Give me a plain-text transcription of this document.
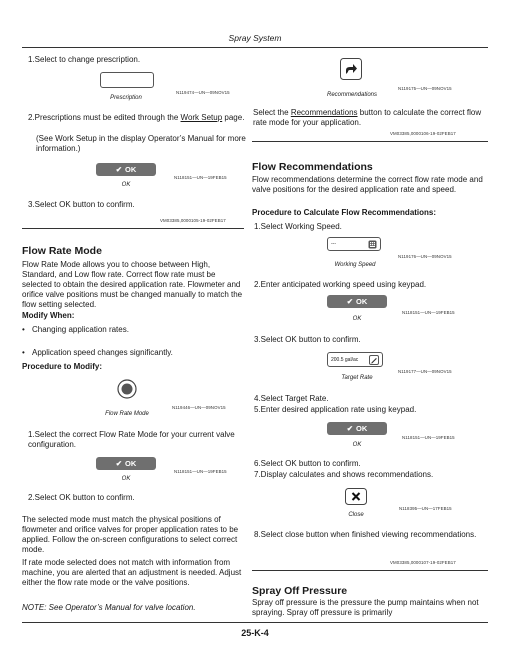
Spray System
1.Select to change prescription.
N119474—UN—09NOV15
Prescription
2.Prescriptions must be edited through the Work Setup page.
(See Work Setup in the display Operator’s Manual for more information.)
✔ OK
N118151—UN—19FEB15
OK
3.Select OK button to confirm.
VM03385,0000105-19-02FEB17
Flow Rate Mode
Flow Rate Mode allows you to choose between High, Standard, and Low flow rate. Correct flow rate must be selected to obtain the desired application rate. Flowmeter and orifice valve positions must be changed manually to match the flow setting selected.
Modify When:
• Changing application rates.
• Application speed changes significantly.
Procedure to Modify:
N119446—UN—09NOV15
Flow Rate Mode
1.Select the correct Flow Rate Mode for your current valve configuration.
✔ OK
N118151—UN—19FEB15
OK
2.Select OK button to confirm.
The selected mode must match the physical positions of flowmeter and orifice valves for proper application rates to be applied. Follow the on-screen configurations to select correct mode.
If rate mode selected does not match with information from machine, you are alerted that an adjustment is needed. Adjust either the flow rate mode or the valve positions.
NOTE: See Operator’s Manual for valve location.
N119175—UN—09NOV15
Recommendations
Select the Recommendations button to calculate the correct flow rate mode for your application.
VM03385,0000106-19-02FEB17
Flow Recommendations
Flow recommendations determine the correct flow rate mode and valve positions for the desired application rate and speed.
Procedure to Calculate Flow Recommendations:
1.Select Working Speed.
---
N119176—UN—09NOV15
Working Speed
2.Enter anticipated working speed using keypad.
✔ OK
N118151—UN—19FEB15
OK
3.Select OK button to confirm.
200.5 gal/ac
N119177—UN—09NOV15
Target Rate
4.Select Target Rate.
5.Enter desired application rate using keypad.
✔ OK
N118151—UN—19FEB15
OK
6.Select OK button to confirm.
7.Display calculates and shows recommendations.
N118395—UN—17FEB15
Close
8.Select close button when finished viewing recommendations.
VM03385,0000107-19-02FEB17
Spray Off Pressure
Spray off pressure is the pressure the pump maintains when not spraying. Spray off pressure is primarily
25-K-4
